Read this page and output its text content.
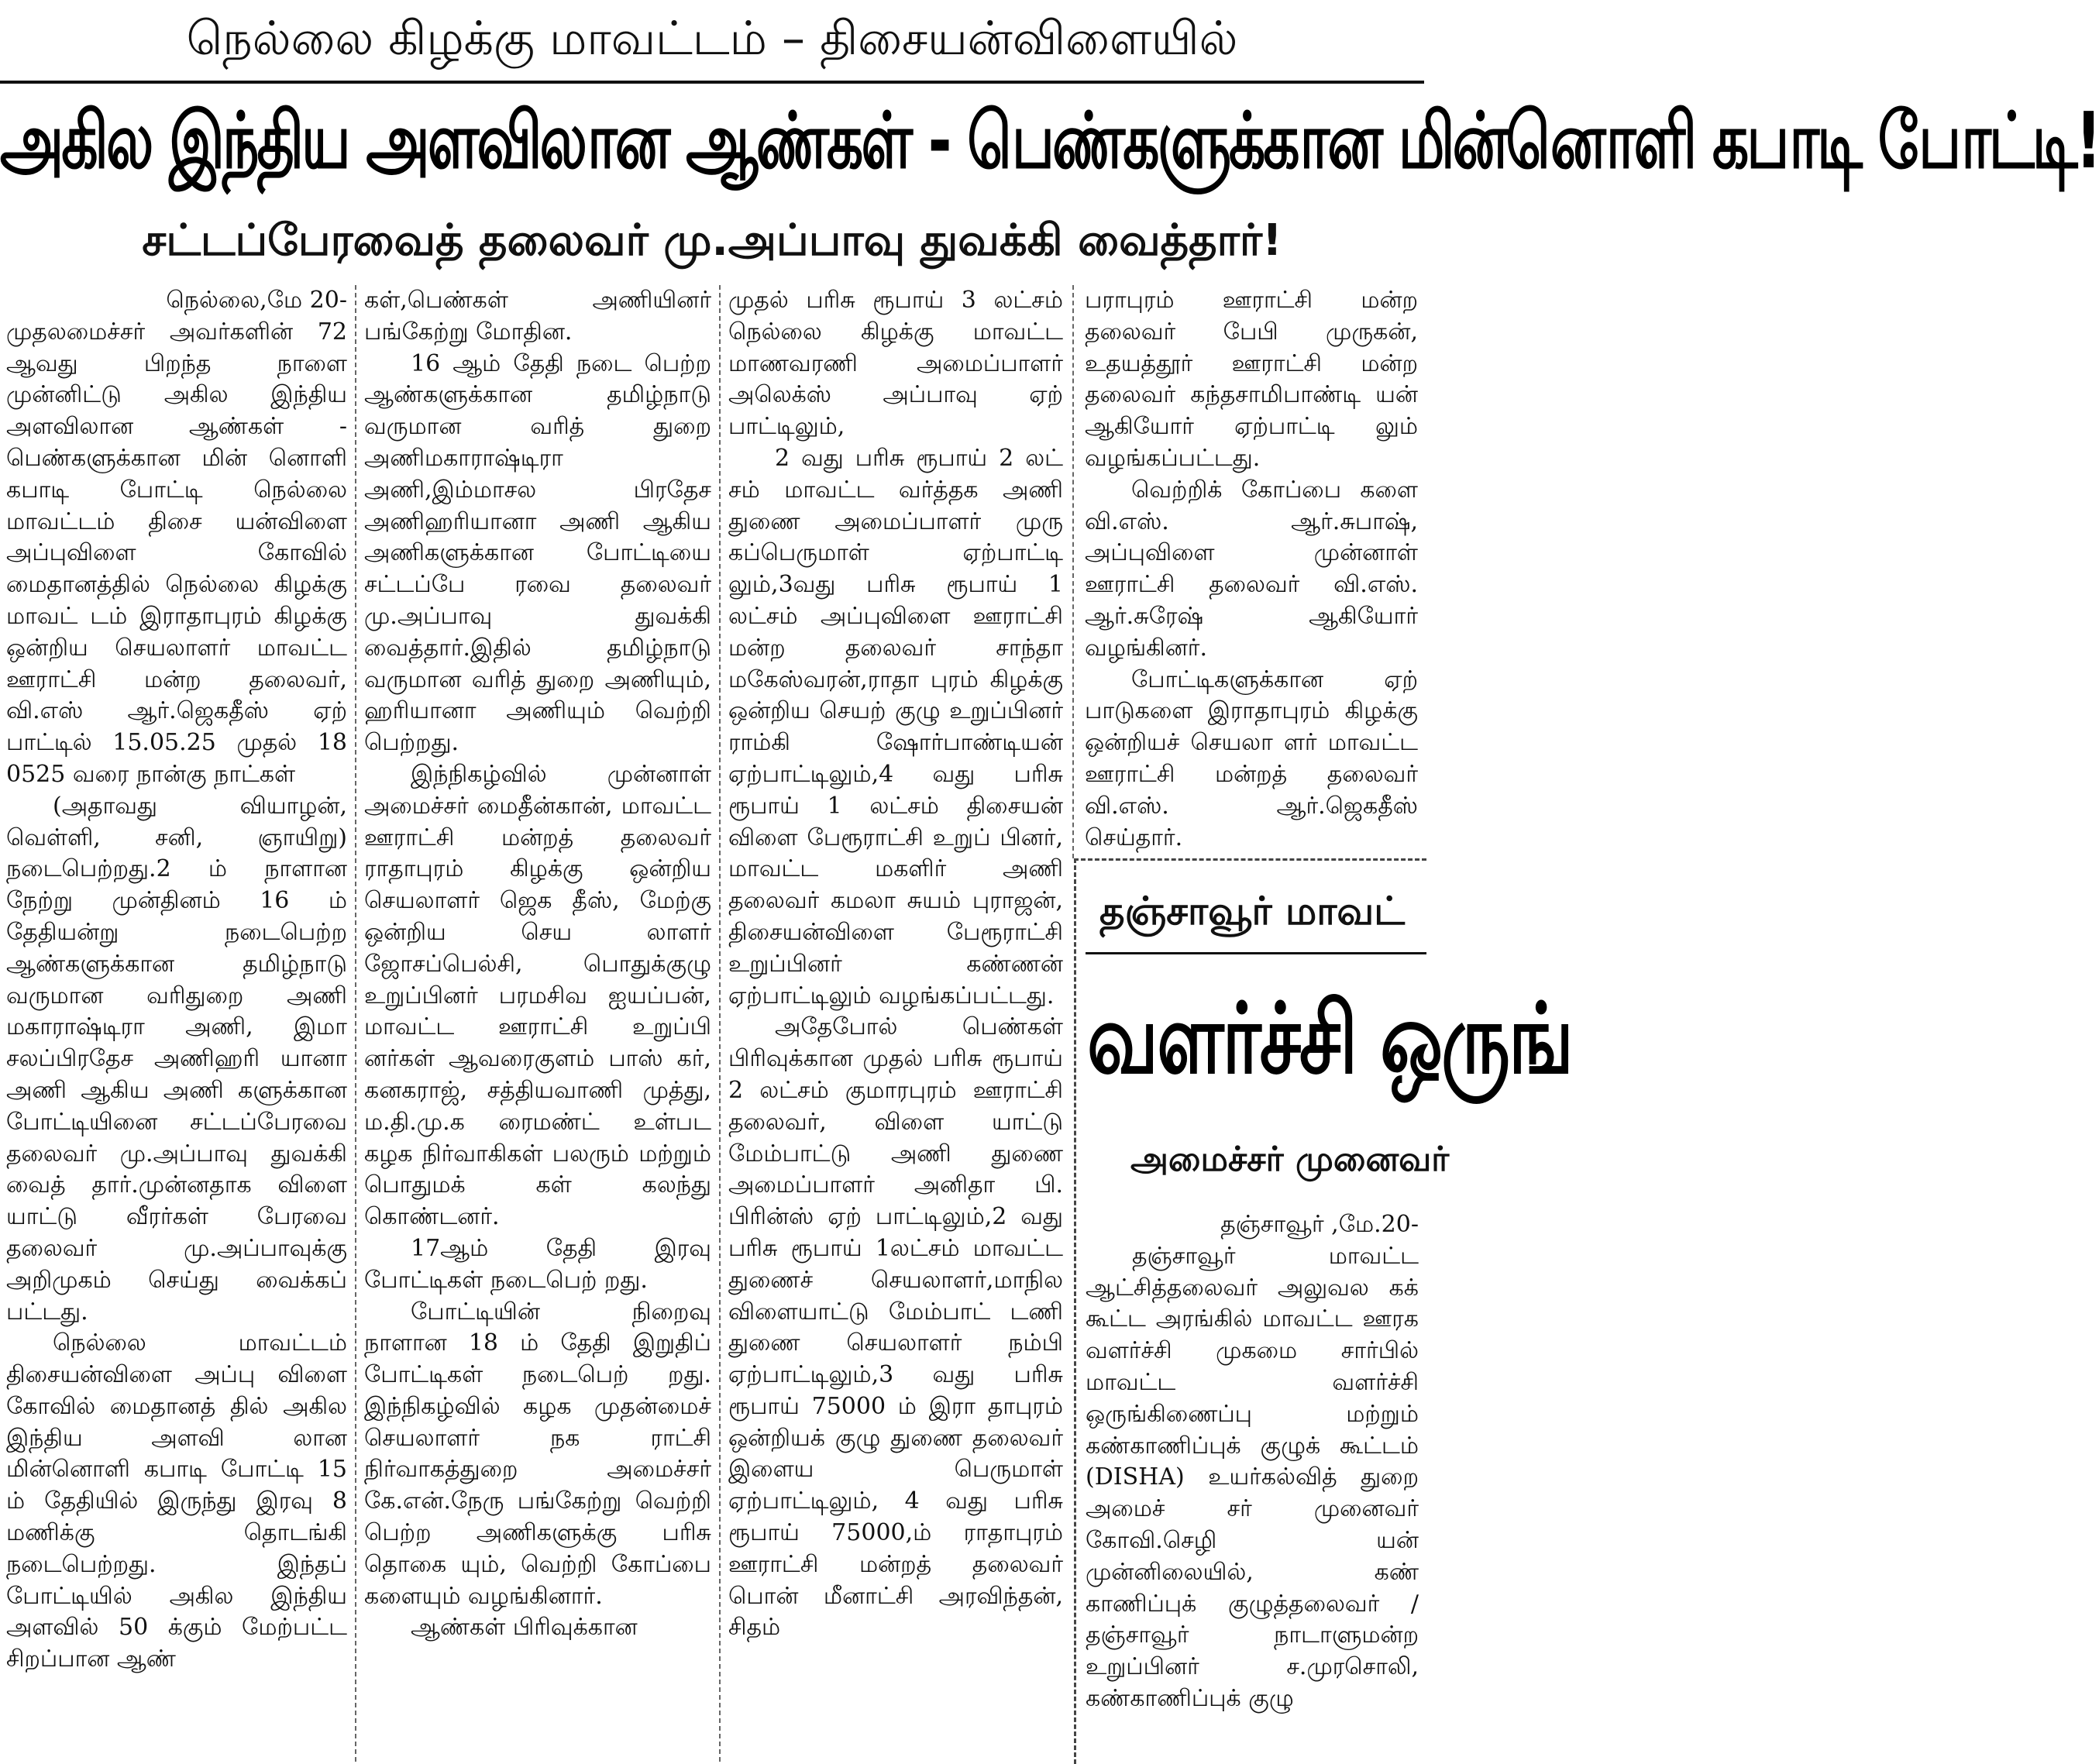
நெல்லை கிழக்கு மாவட்டம் – திசையன்விளையில்
அகில இந்திய அளவிலான ஆண்கள் - பெண்களுக்கான மின்னொளி கபாடி போட்டி!
சட்டப்பேரவைத் தலைவர் மு.அப்பாவு துவக்கி வைத்தார்!

நெல்லை,மே 20-

முதலமைச்சர் அவர்களின் 72 ஆவது பிறந்த நாளை முன்னிட்டு அகில இந்திய அளவிலான ஆண்கள் - பெண்களுக்கான மின் னொளி கபாடி போட்டி நெல்லை மாவட்டம் திசை யன்விளை அப்புவிளை கோவில் மைதானத்தில் நெல்லை கிழக்கு மாவட் டம் இராதாபுரம் கிழக்கு ஒன்றிய செயலாளர் மாவட்ட ஊராட்சி மன்ற தலைவர், வி.எஸ் ஆர்.ஜெகதீஸ் ஏற் பாட்டில் 15.05.25 முதல் 18 0525 வரை நான்கு நாட்கள்

(அதாவது வியாழன், வெள்ளி, சனி, ஞாயிறு) நடைபெற்றது.2 ம் நாளான நேற்று முன்தினம் 16 ம் தேதியன்று நடைபெற்ற ஆண்களுக்கான தமிழ்நாடு வருமான வரிதுறை அணி மகாராஷ்டிரா அணி, இமா சலப்பிரதேச அணிஹரி யானா அணி ஆகிய அணி களுக்கான போட்டியினை சட்டப்பேரவை தலைவர் மு.அப்பாவு துவக்கி வைத் தார்.முன்னதாக விளை யாட்டு வீரர்கள் பேரவை தலைவர் மு.அப்பாவுக்கு அறிமுகம் செய்து வைக்கப் பட்டது.

நெல்லை மாவட்டம் திசையன்விளை அப்பு விளை கோவில் மைதானத் தில் அகில இந்திய அளவி லான மின்னொளி கபாடி போட்டி 15 ம் தேதியில் இருந்து இரவு 8 மணிக்கு தொடங்கி நடைபெற்றது. இந்தப் போட்டியில் அகில இந்திய அளவில் 50 க்கும் மேற்பட்ட சிறப்பான ஆண்

கள்,பெண்கள் அணியினர் பங்கேற்று மோதின.

16 ஆம் தேதி நடை பெற்ற ஆண்களுக்கான தமிழ்நாடு வருமான வரித் துறை அணிமகாராஷ்டிரா அணி,இம்மாசல பிரதேச அணிஹரியானா அணி ஆகிய அணிகளுக்கான போட்டியை சட்டப்பே ரவை தலைவர் மு.அப்பாவு துவக்கி வைத்தார்.இதில் தமிழ்நாடு வருமான வரித் துறை அணியும், ஹரியானா அணியும் வெற்றி பெற்றது.

இந்நிகழ்வில் முன்னாள் அமைச்சர் மைதீன்கான், மாவட்ட ஊராட்சி மன்றத் தலைவர் ராதாபுரம் கிழக்கு ஒன்றிய செயலாளர் ஜெக தீஸ், மேற்கு ஒன்றிய செய லாளர் ஜோசப்பெல்சி, பொதுக்குழு உறுப்பினர் பரமசிவ ஐயப்பன், மாவட்ட ஊராட்சி உறுப்பி னர்கள் ஆவரைகுளம் பாஸ் கர், கனகராஜ், சத்தியவாணி முத்து, ம.தி.மு.க ரைமண்ட் உள்பட கழக நிர்வாகிகள் பலரும் மற்றும் பொதுமக் கள் கலந்து கொண்டனர்.

17ஆம் தேதி இரவு போட்டிகள் நடைபெற் றது.

போட்டியின் நிறைவு நாளான 18 ம் தேதி இறுதிப் போட்டிகள் நடைபெற் றது. இந்நிகழ்வில் கழக முதன்மைச் செயலாளர் நக ராட்சி நிர்வாகத்துறை அமைச்சர் கே.என்.நேரு பங்கேற்று வெற்றி பெற்ற அணிகளுக்கு பரிசு தொகை யும், வெற்றி கோப்பை களையும் வழங்கினார்.

ஆண்கள் பிரிவுக்கான

முதல் பரிசு ரூபாய் 3 லட்சம் நெல்லை கிழக்கு மாவட்ட மாணவரணி அமைப்பாளர் அலெக்ஸ் அப்பாவு ஏற் பாட்டிலும்,

2 வது பரிசு ரூபாய் 2 லட் சம் மாவட்ட வர்த்தக அணி துணை அமைப்பாளர் முரு கப்பெருமாள் ஏற்பாட்டி லும்,3வது பரிசு ரூபாய் 1 லட்சம் அப்புவிளை ஊராட்சி மன்ற தலைவர் சாந்தா மகேஸ்வரன்,ராதா புரம் கிழக்கு ஒன்றிய செயற் குழு உறுப்பினர் ராம்கி ஷோர்பாண்டியன் ஏற்பாட்டிலும்,4 வது பரிசு ரூபாய் 1 லட்சம் திசையன் விளை பேரூராட்சி உறுப் பினர், மாவட்ட மகளிர் அணி தலைவர் கமலா சுயம் புராஜன், திசையன்விளை பேரூராட்சி உறுப்பினர் கண்ணன் ஏற்பாட்டிலும் வழங்கப்பட்டது.

அதேபோல் பெண்கள் பிரிவுக்கான முதல் பரிசு ரூபாய் 2 லட்சம் குமாரபுரம் ஊராட்சி தலைவர், விளை யாட்டு மேம்பாட்டு அணி துணை அமைப்பாளர் அனிதா பி. பிரின்ஸ் ஏற் பாட்டிலும்,2 வது பரிசு ரூபாய் 1லட்சம் மாவட்ட துணைச் செயலாளர்,மாநில விளையாட்டு மேம்பாட் டணி துணை செயலாளர் நம்பி ஏற்பாட்டிலும்,3 வது பரிசு ரூபாய் 75000 ம் இரா தாபுரம் ஒன்றியக் குழு துணை தலைவர் இளைய பெருமாள் ஏற்பாட்டிலும், 4 வது பரிசு ரூபாய் 75000,ம் ராதாபுரம் ஊராட்சி மன்றத் தலைவர் பொன் மீனாட்சி அரவிந்தன், சிதம்

பராபுரம் ஊராட்சி மன்ற தலைவர் பேபி முருகன், உதயத்தூர் ஊராட்சி மன்ற தலைவர் கந்தசாமிபாண்டி யன் ஆகியோர் ஏற்பாட்டி லும் வழங்கப்பட்டது.

வெற்றிக் கோப்பை களை வி.எஸ். ஆர்.சுபாஷ், அப்புவிளை முன்னாள் ஊராட்சி தலைவர் வி.எஸ். ஆர்.சுரேஷ் ஆகியோர் வழங்கினர்.

போட்டிகளுக்கான ஏற் பாடுகளை இராதாபுரம் கிழக்கு ஒன்றியச் செயலா ளர் மாவட்ட ஊராட்சி மன்றத் தலைவர் வி.எஸ். ஆர்.ஜெகதீஸ் செய்தார்.

தஞ்சாவூர் மாவட்
வளர்ச்சி ஒருங்
அமைச்சர் முனைவர்

தஞ்சாவூர் ,மே.20-

தஞ்சாவூர் மாவட்ட ஆட்சித்தலைவர் அலுவல கக் கூட்ட அரங்கில் மாவட்ட ஊரக வளர்ச்சி முகமை சார்பில் மாவட்ட வளர்ச்சி ஒருங்கிணைப்பு மற்றும் கண்காணிப்புக் குழுக் கூட்டம் (DISHA) உயர்கல்வித் துறை அமைச் சர் முனைவர் கோவி.செழி யன் முன்னிலையில், கண் காணிப்புக் குழுத்தலைவர் / தஞ்சாவூர் நாடாளுமன்ற உறுப்பினர் ச.முரசொலி, கண்காணிப்புக் குழு
